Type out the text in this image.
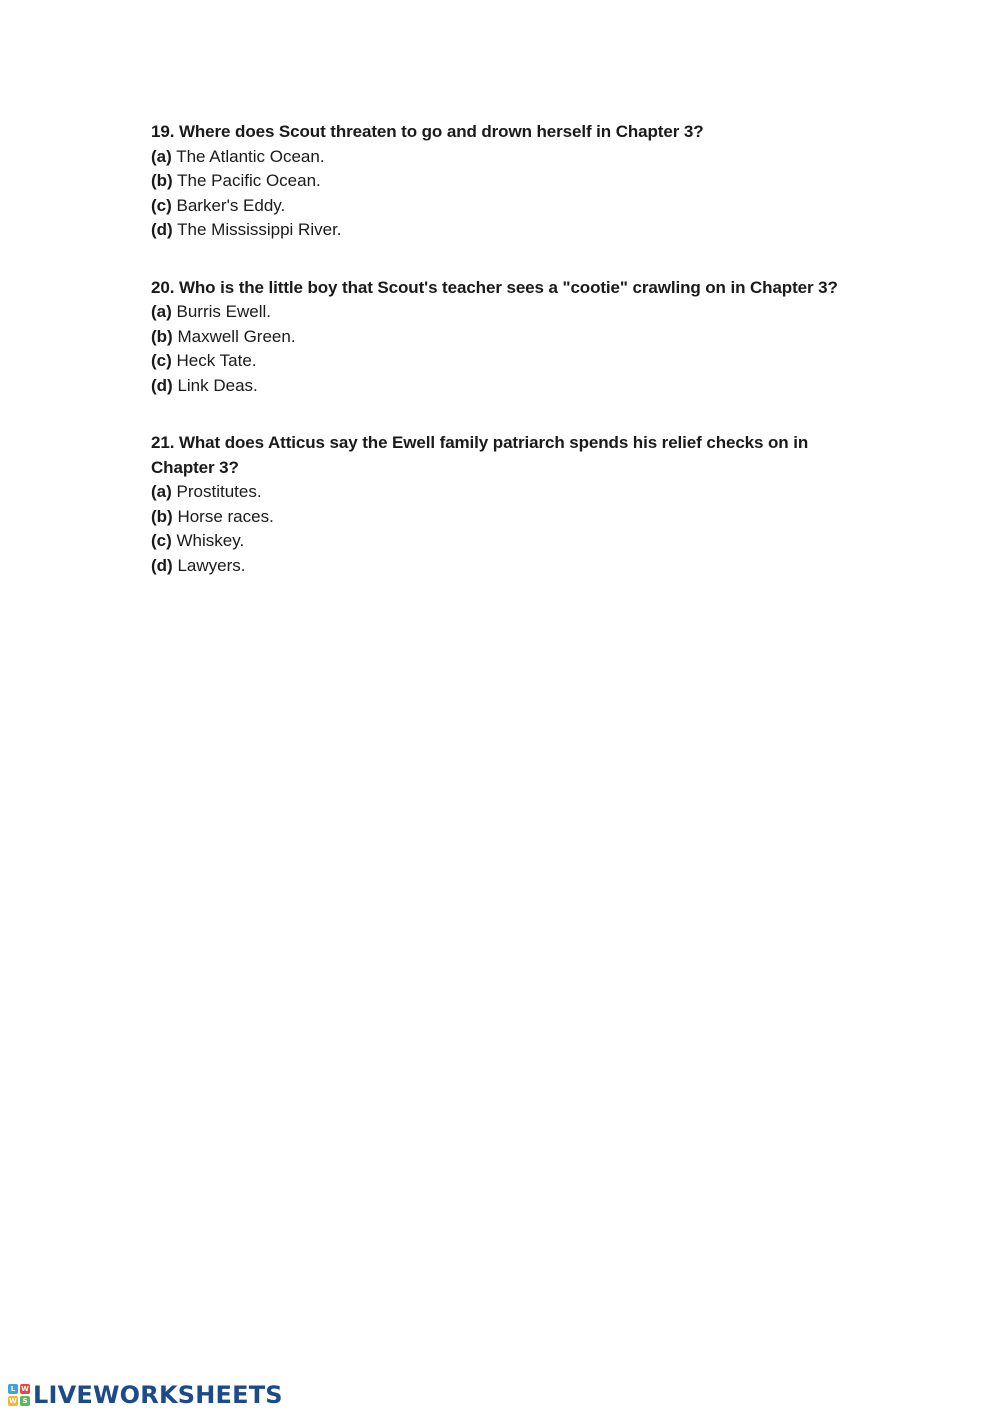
19. Where does Scout threaten to go and drown herself in Chapter 3?
(a) The Atlantic Ocean.
(b) The Pacific Ocean.
(c) Barker's Eddy.
(d) The Mississippi River.
20. Who is the little boy that Scout's teacher sees a "cootie" crawling on in Chapter 3?
(a) Burris Ewell.
(b) Maxwell Green.
(c) Heck Tate.
(d) Link Deas.
21. What does Atticus say the Ewell family patriarch spends his relief checks on in Chapter 3?
(a) Prostitutes.
(b) Horse races.
(c) Whiskey.
(d) Lawyers.
L W
W S LIVEWORKSHEETS
